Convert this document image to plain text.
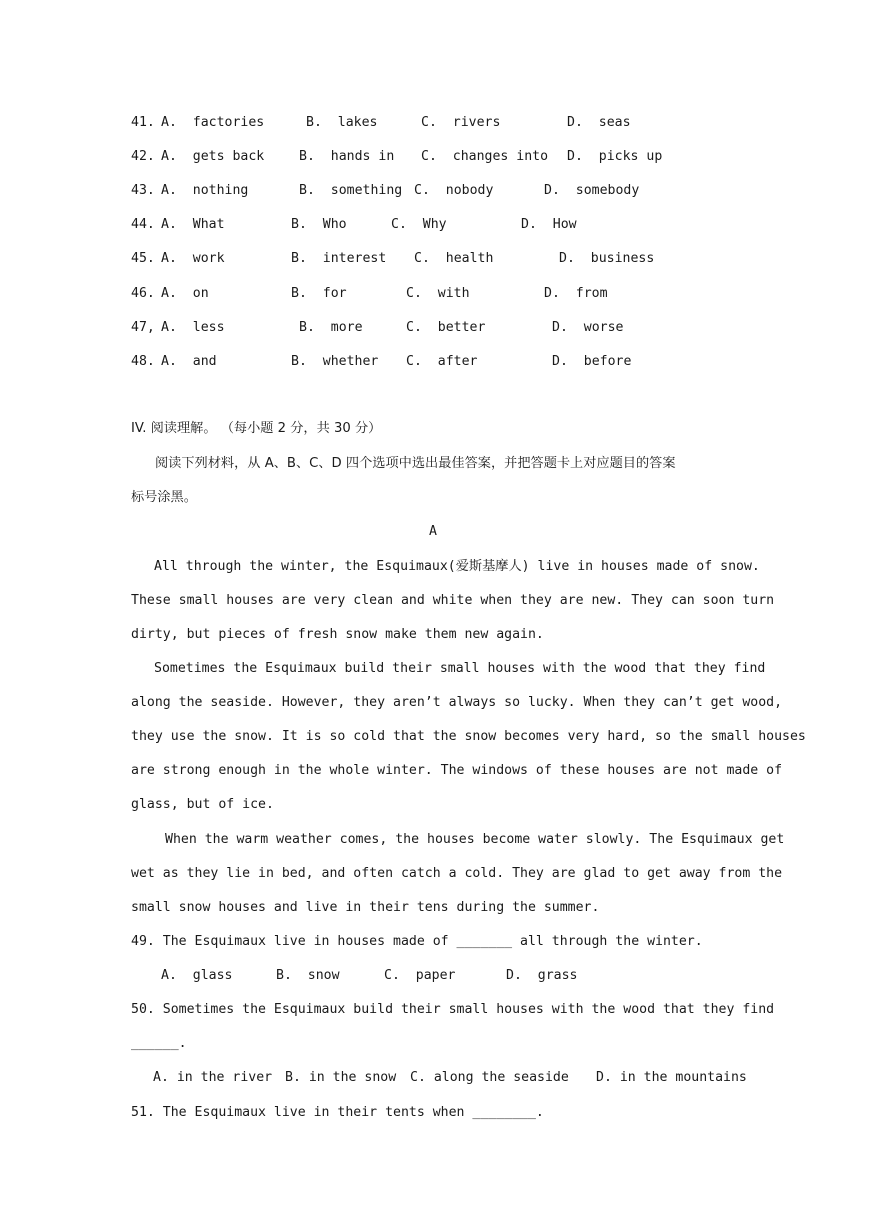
41. A.  factories	B.  lakes	C.  rivers	D.  seas
42. A.  gets back	B.  hands in C.  changes into D.  picks up
43. A.  nothing	B.  something C.  nobody	D.  somebody
44. A.  What	B.  Who	C.  Why	D.  How
45. A.  work	B.  interest C.  health	D.  business
46. A.  on	B.  for	C.  with	D.  from
47, A.  less	B.  more	C.  better	D.  worse
48. A.  and	B.  whether C.  after	D.  before
IV. 阅读理解。 （每小题 2 分，共 30 分）
阅读下列材料，从 A、B、C、D 四个选项中选出最佳答案，并把答题卡上对应题目的答案
标号涂黑。
A
All through the winter, the Esquimaux(爱斯基摩人) live in houses made of snow.
These small houses are very clean and white when they are new. They can soon turn
dirty, but pieces of fresh snow make them new again.
Sometimes the Esquimaux build their small houses with the wood that they find
along the seaside. However, they aren’t always so lucky. When they can’t get wood,
they use the snow. It is so cold that the snow becomes very hard, so the small houses
are strong enough in the whole winter. The windows of these houses are not made of
glass, but of ice.
When the warm weather comes, the houses become water slowly. The Esquimaux get
wet as they lie in bed, and often catch a cold. They are glad to get away from the
small snow houses and live in their tens during the summer.
49. The Esquimaux live in houses made of _______ all through the winter.
A.  glass	B.  snow	C.  paper	D.  grass
50. Sometimes the Esquimaux build their small houses with the wood that they find
______.
A. in the river B. in the snow C. along the seaside D. in the mountains
51. The Esquimaux live in their tents when ________.
